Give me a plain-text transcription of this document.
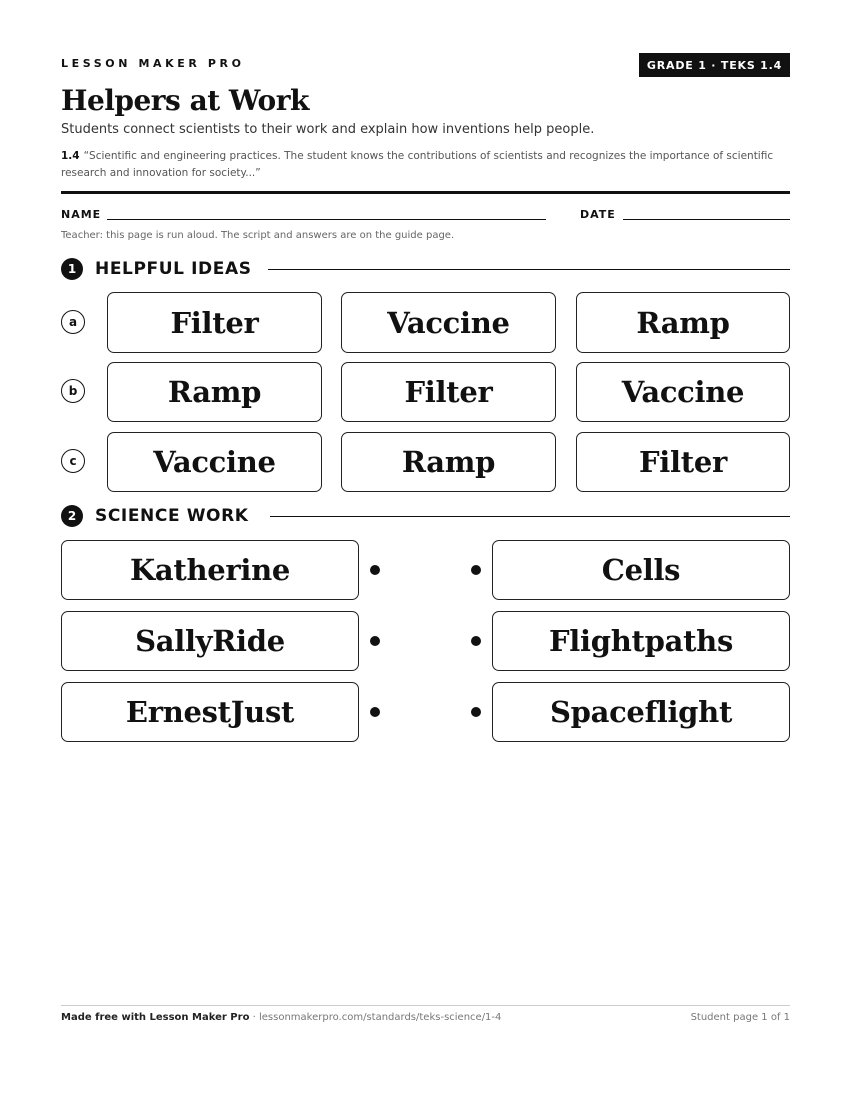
LESSON MAKER PRO	GRADE 1 · TEKS 1.4
Helpers at Work
Students connect scientists to their work and explain how inventions help people.
1.4 “Scientific and engineering practices. The student knows the contributions of scientists and recognizes the importance of scientific research and innovation for society...”
NAME	DATE
Teacher: this page is run aloud. The script and answers are on the guide page.
1	HELPFUL IDEAS
a	Filter	Vaccine	Ramp
b	Ramp	Filter	Vaccine
c	Vaccine	Ramp	Filter
2	SCIENCE WORK
Katherine	Cells
SallyRide	Flightpaths
ErnestJust	Spaceflight
Made free with Lesson Maker Pro · lessonmakerpro.com/standards/teks-science/1-4	Student page 1 of 1
